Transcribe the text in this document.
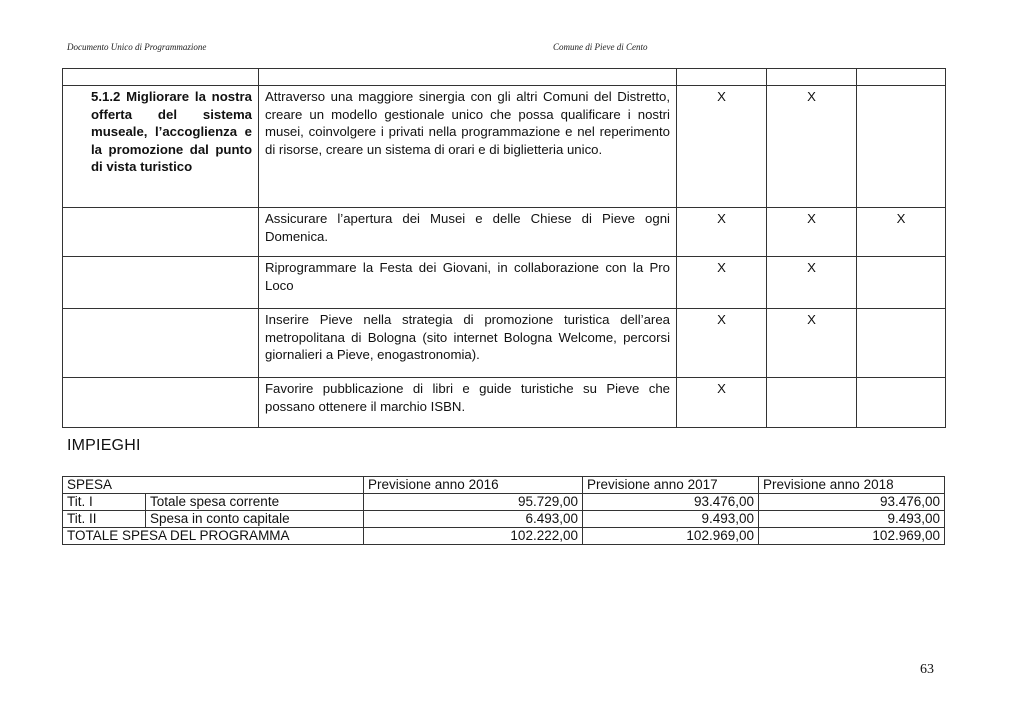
Documento Unico di Programmazione	Comune di Pieve di Cento

5.1.2 Migliorare la nostra offerta del sistema museale, l’accoglienza e la promozione dal punto di vista turistico	Attraverso una maggiore sinergia con gli altri Comuni del Distretto, creare un modello gestionale unico che possa qualificare i nostri musei, coinvolgere i privati nella programmazione e nel reperimento di risorse, creare un sistema di orari e di biglietteria unico.	X	X	
	Assicurare l’apertura dei Musei e delle Chiese di Pieve ogni Domenica.	X	X	X
	Riprogrammare la Festa dei Giovani, in collaborazione con la Pro Loco	X	X	
	Inserire Pieve nella strategia di promozione turistica dell’area metropolitana di Bologna (sito internet Bologna Welcome, percorsi giornalieri a Pieve, enogastronomia).	X	X	
	Favorire pubblicazione di libri e guide turistiche su Pieve che possano ottenere il marchio ISBN.	X		
IMPIEGHI
SPESA		Previsione anno 2016	Previsione anno 2017	Previsione anno 2018
Tit. I	Totale spesa corrente	95.729,00	93.476,00	93.476,00
Tit. II	Spesa in conto capitale	6.493,00	9.493,00	9.493,00
TOTALE SPESA DEL PROGRAMMA		102.222,00	102.969,00	102.969,00
63
